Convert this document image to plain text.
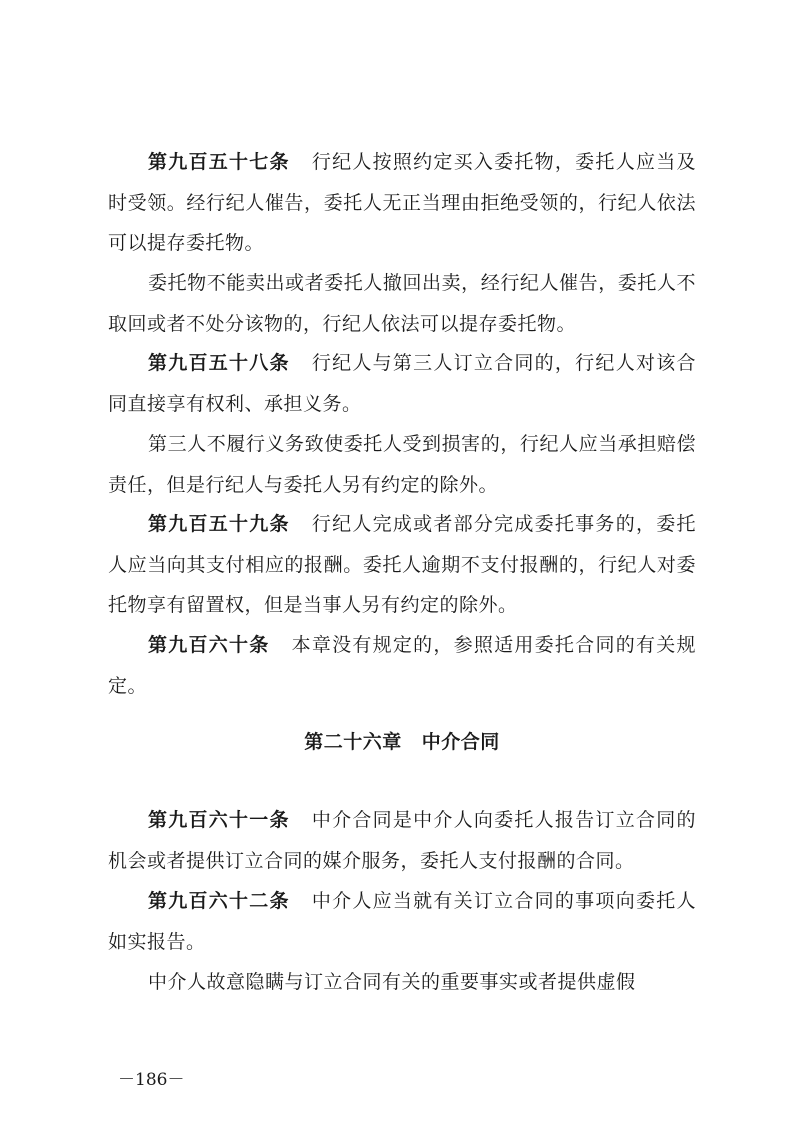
第九百五十七条 行纪人按照约定买入委托物，委托人应当及时受领。经行纪人催告，委托人无正当理由拒绝受领的，行纪人依法可以提存委托物。

委托物不能卖出或者委托人撤回出卖，经行纪人催告，委托人不取回或者不处分该物的，行纪人依法可以提存委托物。

第九百五十八条 行纪人与第三人订立合同的，行纪人对该合同直接享有权利、承担义务。

第三人不履行义务致使委托人受到损害的，行纪人应当承担赔偿责任，但是行纪人与委托人另有约定的除外。

第九百五十九条 行纪人完成或者部分完成委托事务的，委托人应当向其支付相应的报酬。委托人逾期不支付报酬的，行纪人对委托物享有留置权，但是当事人另有约定的除外。

第九百六十条 本章没有规定的，参照适用委托合同的有关规定。

第二十六章 中介合同

第九百六十一条 中介合同是中介人向委托人报告订立合同的机会或者提供订立合同的媒介服务，委托人支付报酬的合同。

第九百六十二条 中介人应当就有关订立合同的事项向委托人如实报告。

中介人故意隐瞒与订立合同有关的重要事实或者提供虚假

－186－
